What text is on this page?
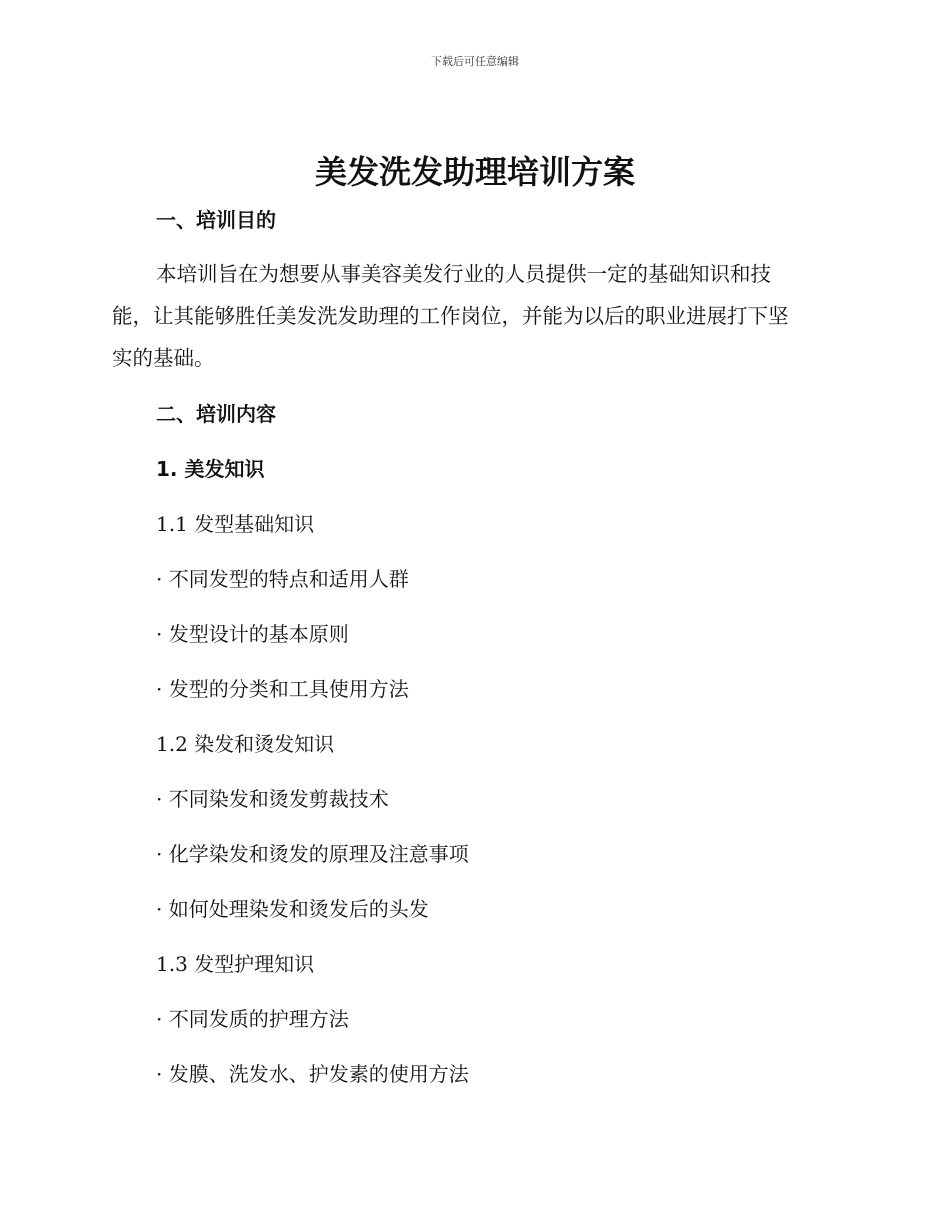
下载后可任意编辑
美发洗发助理培训方案
一、培训目的
本培训旨在为想要从事美容美发行业的人员提供一定的基础知识和技
能，让其能够胜任美发洗发助理的工作岗位，并能为以后的职业进展打下坚
实的基础。
二、培训内容
1. 美发知识
1.1 发型基础知识
· 不同发型的特点和适用人群
· 发型设计的基本原则
· 发型的分类和工具使用方法
1.2 染发和烫发知识
· 不同染发和烫发剪裁技术
· 化学染发和烫发的原理及注意事项
· 如何处理染发和烫发后的头发
1.3 发型护理知识
· 不同发质的护理方法
· 发膜、洗发水、护发素的使用方法
